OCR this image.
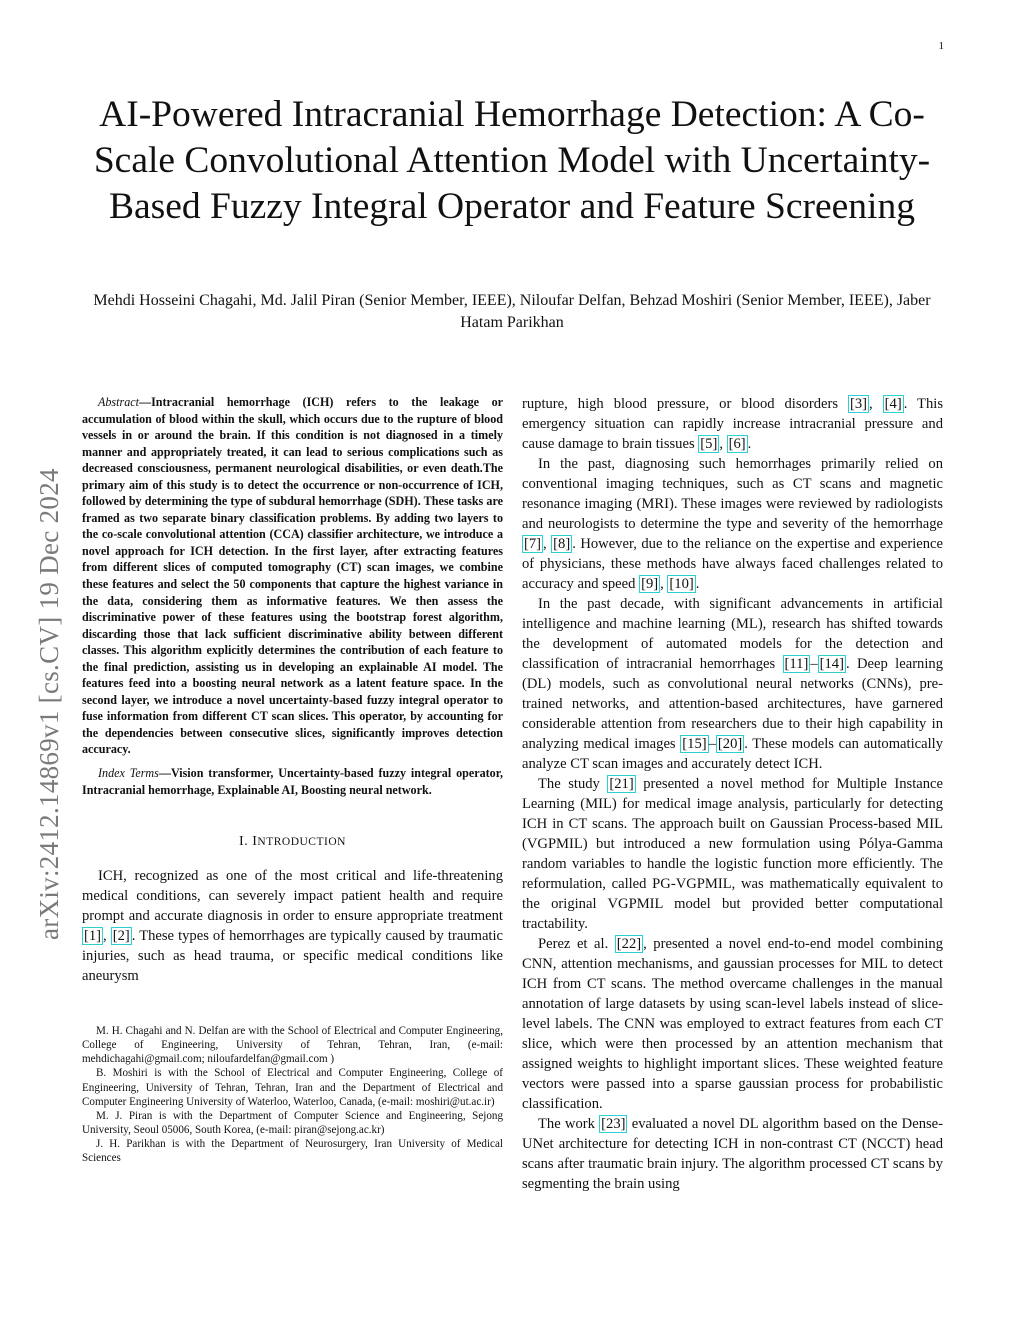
1
arXiv:2412.14869v1 [cs.CV] 19 Dec 2024
AI-Powered Intracranial Hemorrhage Detection: A Co-Scale Convolutional Attention Model with Uncertainty-Based Fuzzy Integral Operator and Feature Screening

Mehdi Hosseini Chagahi, Md. Jalil Piran (Senior Member, IEEE), Niloufar Delfan, Behzad Moshiri (Senior Member, IEEE), Jaber Hatam Parikhan

Abstract—Intracranial hemorrhage (ICH) refers to the leakage or accumulation of blood within the skull, which occurs due to the rupture of blood vessels in or around the brain. If this condition is not diagnosed in a timely manner and appropriately treated, it can lead to serious complications such as decreased consciousness, permanent neurological disabilities, or even death.The primary aim of this study is to detect the occurrence or non-occurrence of ICH, followed by determining the type of subdural hemorrhage (SDH). These tasks are framed as two separate binary classification problems. By adding two layers to the co-scale convolutional attention (CCA) classifier architecture, we introduce a novel approach for ICH detection. In the first layer, after extracting features from different slices of computed tomography (CT) scan images, we combine these features and select the 50 components that capture the highest variance in the data, considering them as informative features. We then assess the discriminative power of these features using the bootstrap forest algorithm, discarding those that lack sufficient discriminative ability between different classes. This algorithm explicitly determines the contribution of each feature to the final prediction, assisting us in developing an explainable AI model. The features feed into a boosting neural network as a latent feature space. In the second layer, we introduce a novel uncertainty-based fuzzy integral operator to fuse information from different CT scan slices. This operator, by accounting for the dependencies between consecutive slices, significantly improves detection accuracy.

Index Terms—Vision transformer, Uncertainty-based fuzzy integral operator, Intracranial hemorrhage, Explainable AI, Boosting neural network.

I. INTRODUCTION

ICH, recognized as one of the most critical and life-threatening medical conditions, can severely impact patient health and require prompt and accurate diagnosis in order to ensure appropriate treatment [1] , [2] . These types of hemorrhages are typically caused by traumatic injuries, such as head trauma, or specific medical conditions like aneurysm

M. H. Chagahi and N. Delfan are with the School of Electrical and Computer Engineering, College of Engineering, University of Tehran, Tehran, Iran, (e-mail: mehdichagahi@gmail.com; niloufardelfan@gmail.com )

B. Moshiri is with the School of Electrical and Computer Engineering, College of Engineering, University of Tehran, Tehran, Iran and the Department of Electrical and Computer Engineering University of Waterloo, Waterloo, Canada, (e-mail: moshiri@ut.ac.ir)

M. J. Piran is with the Department of Computer Science and Engineering, Sejong University, Seoul 05006, South Korea, (e-mail: piran@sejong.ac.kr)

J. H. Parikhan is with the Department of Neurosurgery, Iran University of Medical Sciences

rupture, high blood pressure, or blood disorders [3] , [4] . This emergency situation can rapidly increase intracranial pressure and cause damage to brain tissues [5] , [6] .

In the past, diagnosing such hemorrhages primarily relied on conventional imaging techniques, such as CT scans and magnetic resonance imaging (MRI). These images were reviewed by radiologists and neurologists to determine the type and severity of the hemorrhage [7] , [8] . However, due to the reliance on the expertise and experience of physicians, these methods have always faced challenges related to accuracy and speed [9] , [10] .

In the past decade, with significant advancements in artificial intelligence and machine learning (ML), research has shifted towards the development of automated models for the detection and classification of intracranial hemorrhages [11] – [14] . Deep learning (DL) models, such as convolutional neural networks (CNNs), pre-trained networks, and attention-based architectures, have garnered considerable attention from researchers due to their high capability in analyzing medical images [15] – [20] . These models can automatically analyze CT scan images and accurately detect ICH.

The study [21] presented a novel method for Multiple Instance Learning (MIL) for medical image analysis, particularly for detecting ICH in CT scans. The approach built on Gaussian Process-based MIL (VGPMIL) but introduced a new formulation using Pólya-Gamma random variables to handle the logistic function more efficiently. The reformulation, called PG-VGPMIL, was mathematically equivalent to the original VGPMIL model but provided better computational tractability.

Perez et al. [22] , presented a novel end-to-end model combining CNN, attention mechanisms, and gaussian processes for MIL to detect ICH from CT scans. The method overcame challenges in the manual annotation of large datasets by using scan-level labels instead of slice-level labels. The CNN was employed to extract features from each CT slice, which were then processed by an attention mechanism that assigned weights to highlight important slices. These weighted feature vectors were passed into a sparse gaussian process for probabilistic classification.

The work [23] evaluated a novel DL algorithm based on the Dense-UNet architecture for detecting ICH in non-contrast CT (NCCT) head scans after traumatic brain injury. The algorithm processed CT scans by segmenting the brain using
